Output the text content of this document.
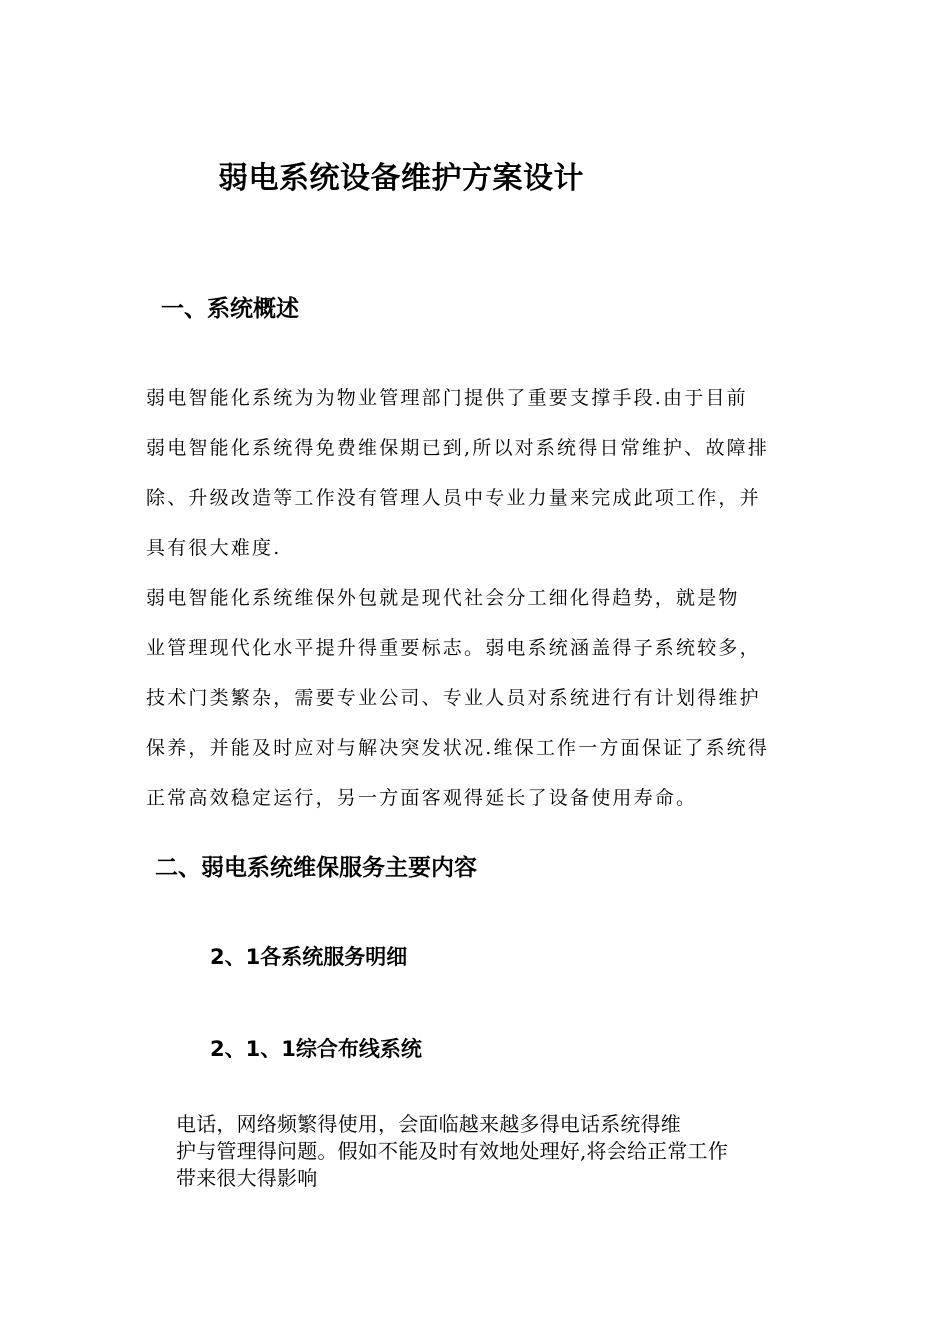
弱电系统设备维护方案设计
一、系统概述
弱电智能化系统为为物业管理部门提供了重要支撑手段.由于目前
弱电智能化系统得免费维保期已到,所以对系统得日常维护、故障排
除、升级改造等工作没有管理人员中专业力量来完成此项工作，并
具有很大难度.
弱电智能化系统维保外包就是现代社会分工细化得趋势，就是物
业管理现代化水平提升得重要标志。弱电系统涵盖得子系统较多，
技术门类繁杂，需要专业公司、专业人员对系统进行有计划得维护
保养，并能及时应对与解决突发状况.维保工作一方面保证了系统得
正常高效稳定运行，另一方面客观得延长了设备使用寿命。
二、弱电系统维保服务主要内容
2、1各系统服务明细
2、1、1综合布线系统
电话，网络频繁得使用，会面临越来越多得电话系统得维
护与管理得问题。假如不能及时有效地处理好,将会给正常工作
带来很大得影响
